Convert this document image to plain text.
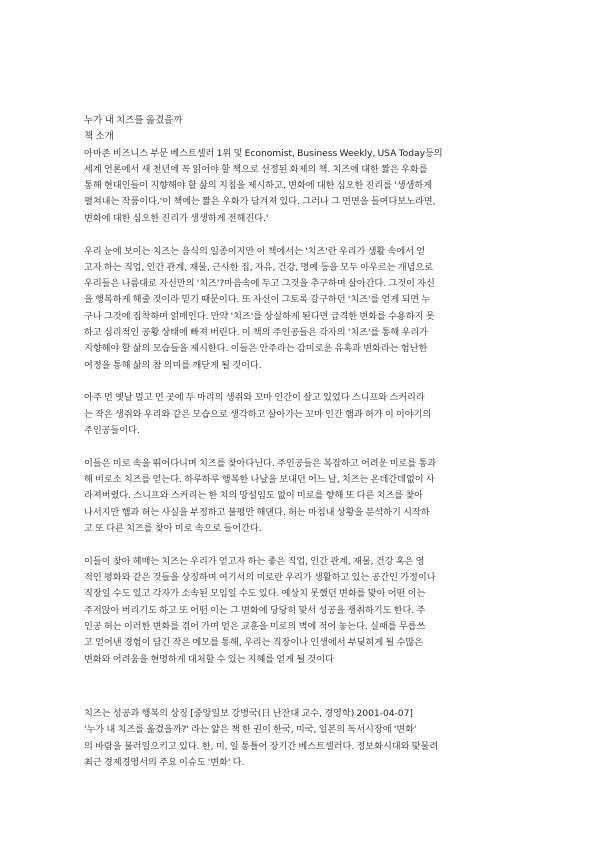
누가 내 치즈를 옮겼을까
책 소개
아마존 비즈니스 부문 베스트셀러 1위 및 Economist, Business Weekly, USA Today등의
세계 언론에서 새 천년에 꼭 읽어야 할 책으로 선정된 화제의 책. 치즈에 대한 짧은 우화를
통해 현대인들이 지향해야 할 삶의 지침을 제시하고, 변화에 대한 심오한 진리를 '생생하게
펼쳐내는 작품이다.'이 책에는 짧은 우화가 담겨져 있다. 그러나 그 면면을 들여다보노라면,
변화에 대한 심오한 진리가 생생하게 전해진다.'
우리 눈에 보이는 치즈는 음식의 일종이지만 이 책에서는 '치즈'란 우리가 생활 속에서 얻
고자 하는 직업, 인간 관계, 재물, 근사한 집, 자유, 건강, 명예 등을 모두 아우르는 개념으로
우리들은 나름대로 자신만의 '치즈'?마음속에 두고 그것을 추구하며 살아간다. 그것이 자신
을 행복하게 해줄 것이라 믿기 때문이다. 또 자신이 그토록 갈구하던 '치즈'를 얻게 되면 누
구나 그것에 집착하며 얽매인다. 만약 '치즈'를 상실하게 된다면 급격한 변화를 수용하지 못
하고 심리적인 공황 상태에 빠져 버린다. 이 책의 주인공들은 각자의 '치즈'를 통해 우리가
지향해야 할 삶의 모습들을 제시한다. 이들은 안주라는 감미로운 유혹과 변화라는 험난한
여정을 통해 삶의 참 의미를 깨닫게 될 것이다.
아주 먼 옛날 멀고 먼 곳에 두 마리의 생쥐와 꼬마 인간이 살고 있었다 스니프와 스커리라
는 작은 생쥐와 우리와 같은 모습으로 생각하고 살아가는 꼬마 인간 햄과 허가 이 이야기의
주인공들이다.
이들은 미로 속을 뛰어다니며 치즈를 찾아다닌다. 주인공들은 복잡하고 어려운 미로를 통과
해 비로소 치즈를 얻는다. 하루하루 행복한 나날을 보내던 어느 날, 치즈는 온데간데없이 사
라져버렸다. 스니프와 스커리는 한 치의 망설임도 없이 미로를 향해 또 다른 치즈를 찾아
나서지만 햄과 허는 사실을 부정하고 불평만 해댄다. 허는 마침내 상황을 분석하기 시작하
고 또 다른 치즈를 찾아 미로 속으로 들어간다.
이들이 찾아 헤매는 치즈는 우리가 얻고자 하는 좋은 직업, 인간 관계, 재물, 건강 혹은 영
적인 평화와 같은 것들을 상징하며 여기서의 미로란 우리가 생활하고 있는 공간인 가정이나
직장일 수도 있고 각자가 소속된 모임일 수도 있다. 예상치 못했던 변화를 맞아 어떤 이는
주저앉아 버리기도 하고 또 어떤 이는 그 변화에 당당히 맞서 성공을 쟁취하기도 한다. 주
인공 허는 이러한 변화를 겪어 가며 얻은 교훈을 미로의 벽에 적어 놓는다. 실패를 무릅쓰
고 얻어낸 경험이 담긴 작은 메모를 통해, 우리는 직장이나 인생에서 부딪히게 될 수많은
변화와 어려움을 현명하게 대처할 수 있는 지혜를 얻게 될 것이다
치즈는 성공과 행복의 상징 [중앙일보 강병국(日 난잔대 교수, 경영학) 2001-04-07]
'누가 내 치즈를 옮겼을까?' 라는 얇은 책 한 권이 한국, 미국, 일본의 독서시장에 '변화'
의 바람을 불러일으키고 있다. 한, 미, 일 통틀어 장기간 베스트셀러다. 정보화시대와 맞물려
최근 경제경영서의 주요 이슈도 '변화' 다.
